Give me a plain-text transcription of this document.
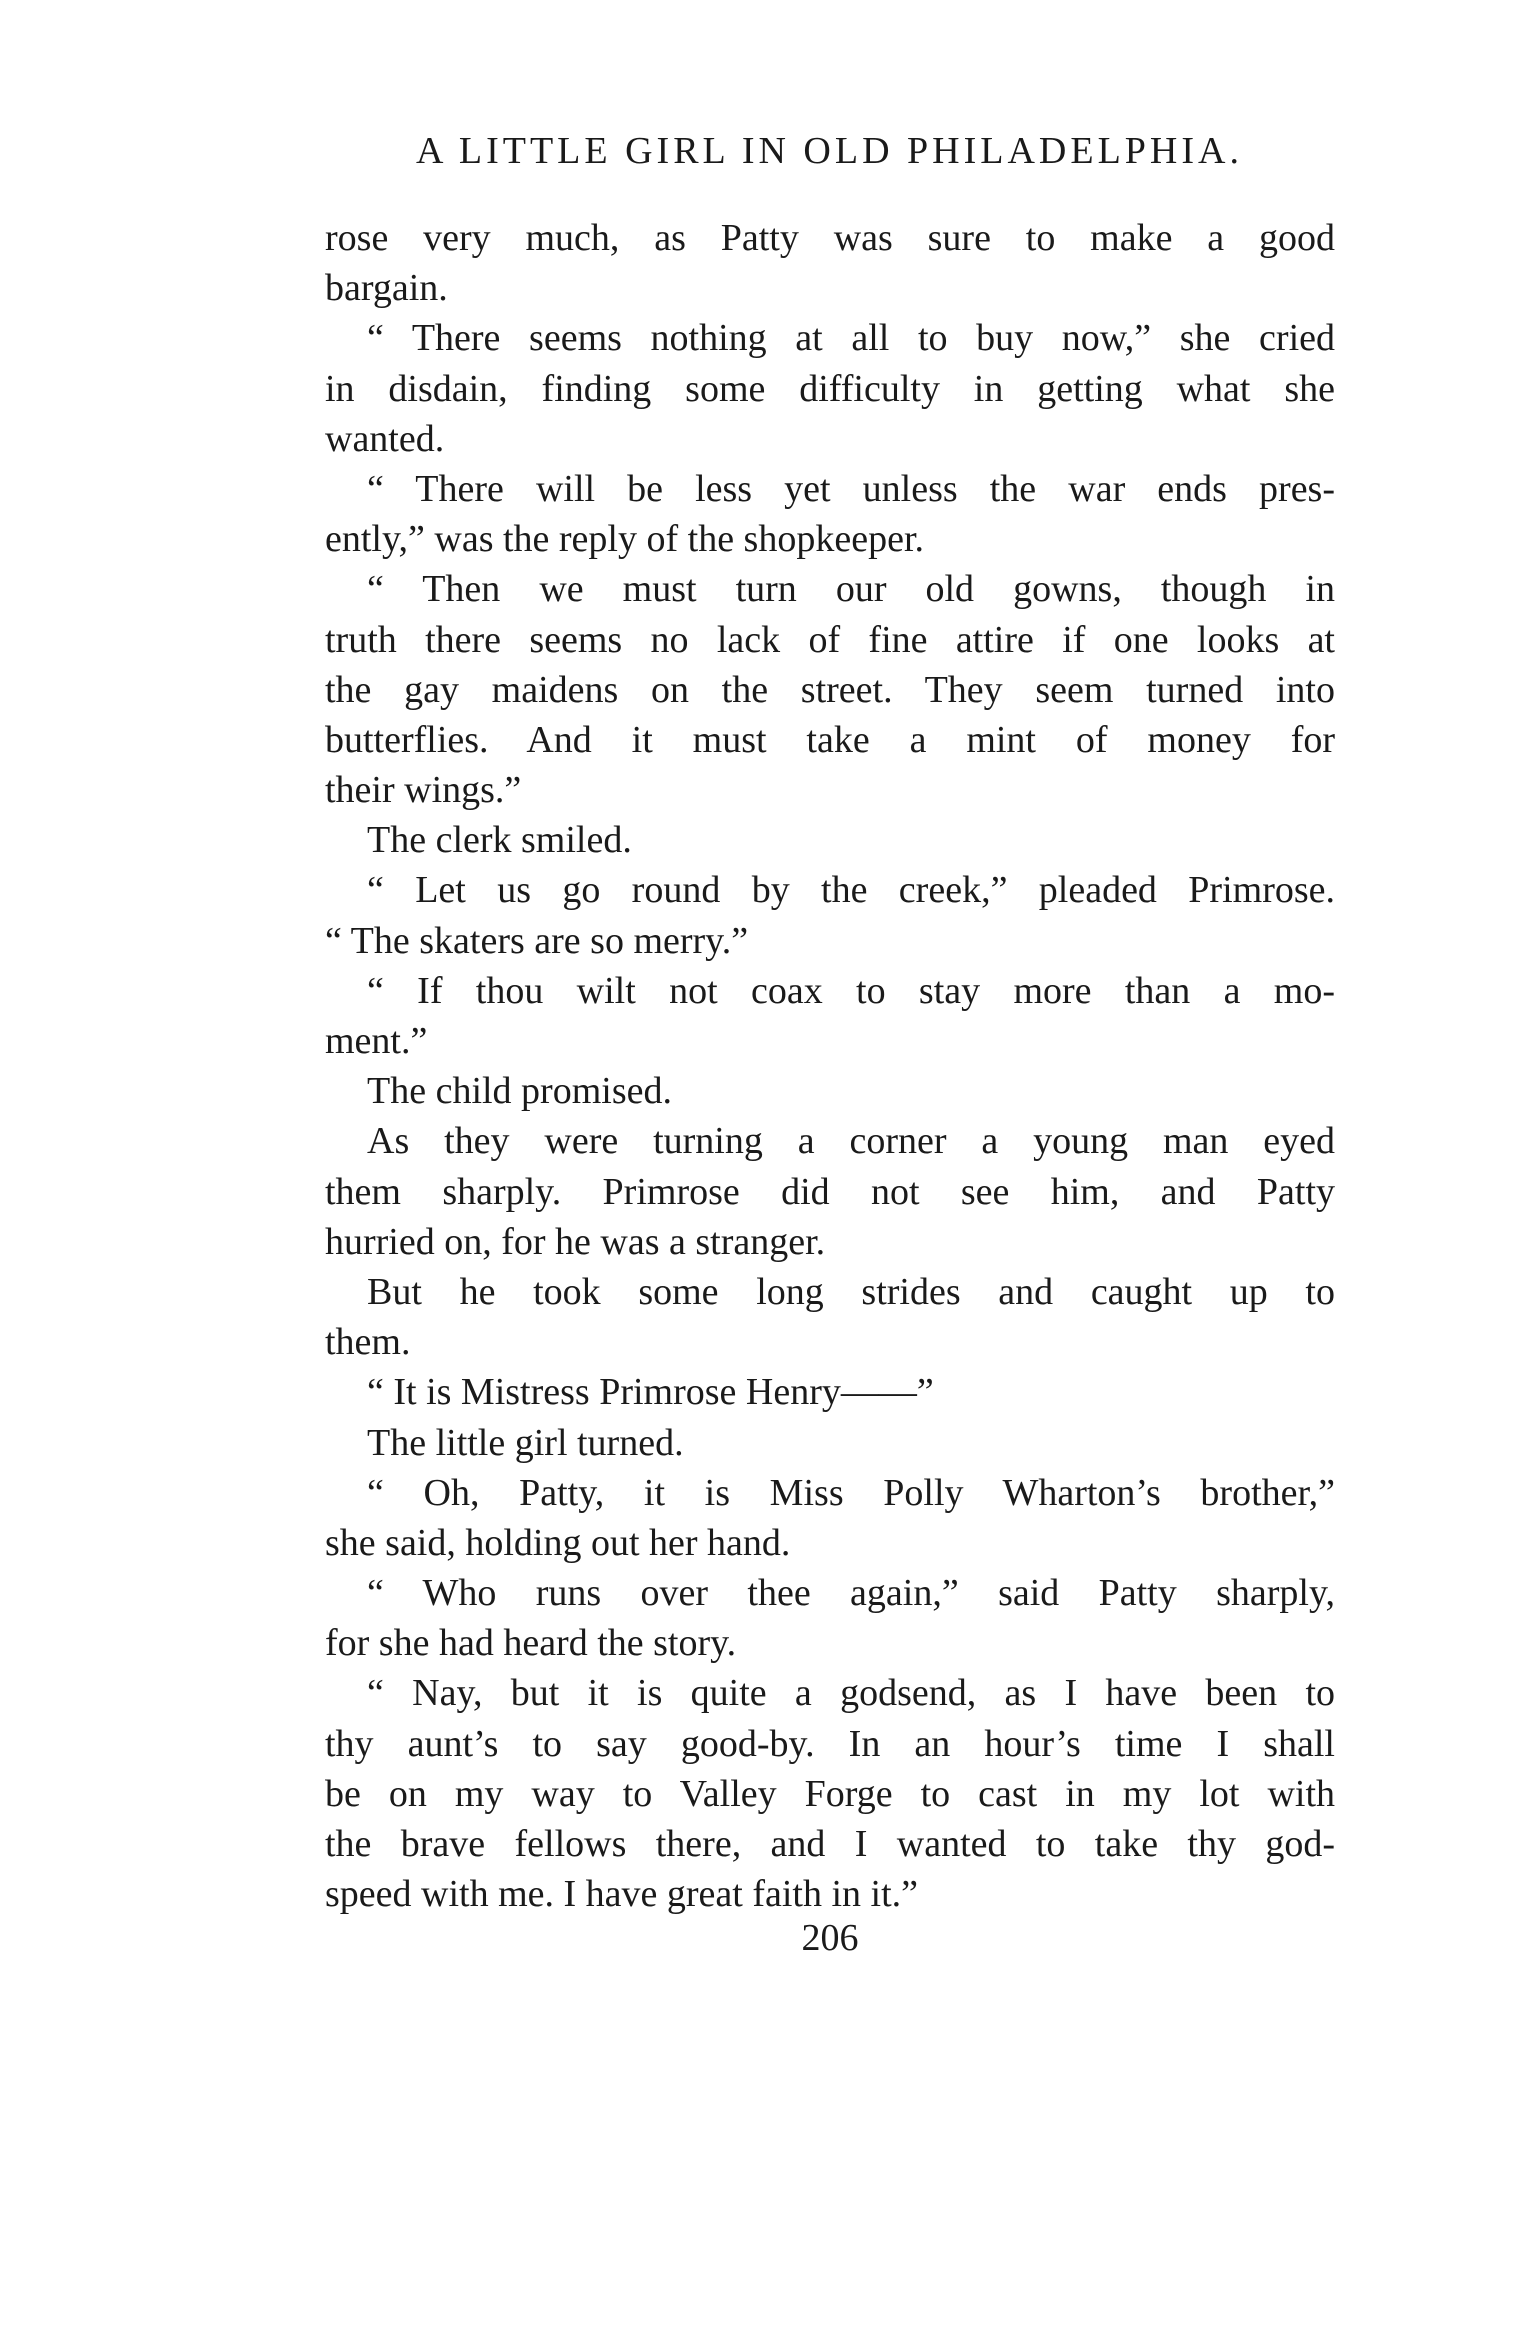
A LITTLE GIRL IN OLD PHILADELPHIA.
rose very much, as Patty was sure to make a good
bargain.
“ There seems nothing at all to buy now,” she cried
in disdain, finding some difficulty in getting what she
wanted.
“ There will be less yet unless the war ends pres-
ently,” was the reply of the shopkeeper.
“ Then we must turn our old gowns, though in
truth there seems no lack of fine attire if one looks at
the gay maidens on the street. They seem turned into
butterflies. And it must take a mint of money for
their wings.”
The clerk smiled.
“ Let us go round by the creek,” pleaded Primrose.
“ The skaters are so merry.”
“ If thou wilt not coax to stay more than a mo-
ment.”
The child promised.
As they were turning a corner a young man eyed
them sharply. Primrose did not see him, and Patty
hurried on, for he was a stranger.
But he took some long strides and caught up to
them.
“ It is Mistress Primrose Henry——”
The little girl turned.
“ Oh, Patty, it is Miss Polly Wharton’s brother,”
she said, holding out her hand.
“ Who runs over thee again,” said Patty sharply,
for she had heard the story.
“ Nay, but it is quite a godsend, as I have been to
thy aunt’s to say good-by. In an hour’s time I shall
be on my way to Valley Forge to cast in my lot with
the brave fellows there, and I wanted to take thy god-
speed with me. I have great faith in it.”
206
